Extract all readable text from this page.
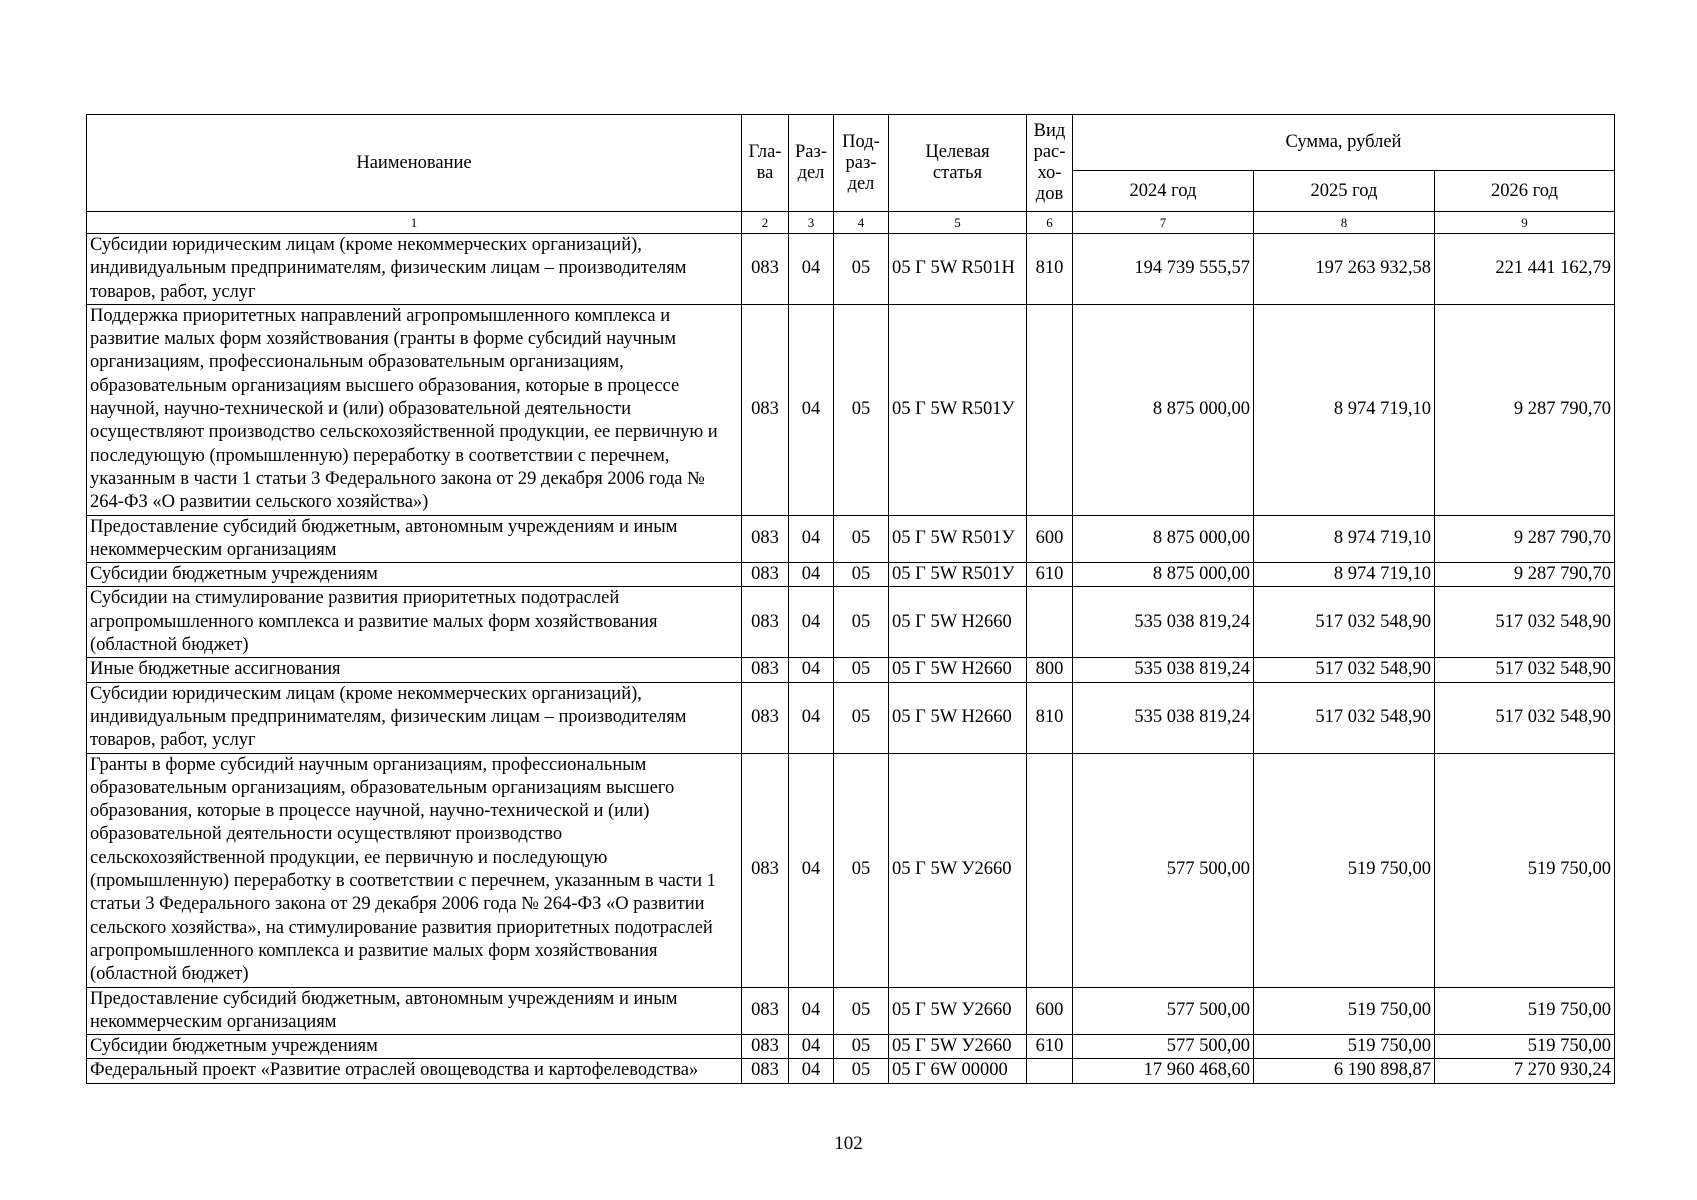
Наименование	Гла-ва	Раз-дел	Под-раз-дел	Целевая статья	Вид рас-хо-дов	Сумма, рублей		
						2024 год	2025 год	2026 год
1	2	3	4	5	6	7	8	9
Субсидии юридическим лицам (кроме некоммерческих организаций), индивидуальным предпринимателям, физическим лицам – производителям товаров, работ, услуг	083	04	05	05 Г 5W R501Н	810	194 739 555,57	197 263 932,58	221 441 162,79
Поддержка приоритетных направлений агропромышленного комплекса и развитие малых форм хозяйствования (гранты в форме субсидий научным организациям, профессиональным образовательным организациям, образовательным организациям высшего образования, которые в процессе научной, научно-технической и (или) образовательной деятельности осуществляют производство сельскохозяйственной продукции, ее первичную и последующую (промышленную) переработку в соответствии с перечнем, указанным в части 1 статьи 3 Федерального закона от 29 декабря 2006 года № 264-ФЗ «О развитии сельского хозяйства»)	083	04	05	05 Г 5W R501У		8 875 000,00	8 974 719,10	9 287 790,70
Предоставление субсидий бюджетным, автономным учреждениям и иным некоммерческим организациям	083	04	05	05 Г 5W R501У	600	8 875 000,00	8 974 719,10	9 287 790,70
Субсидии бюджетным учреждениям	083	04	05	05 Г 5W R501У	610	8 875 000,00	8 974 719,10	9 287 790,70
Субсидии на стимулирование развития приоритетных подотраслей агропромышленного комплекса и развитие малых форм хозяйствования (областной бюджет)	083	04	05	05 Г 5W Н2660		535 038 819,24	517 032 548,90	517 032 548,90
Иные бюджетные ассигнования	083	04	05	05 Г 5W Н2660	800	535 038 819,24	517 032 548,90	517 032 548,90
Субсидии юридическим лицам (кроме некоммерческих организаций), индивидуальным предпринимателям, физическим лицам – производителям товаров, работ, услуг	083	04	05	05 Г 5W Н2660	810	535 038 819,24	517 032 548,90	517 032 548,90
Гранты в форме субсидий научным организациям, профессиональным образовательным организациям, образовательным организациям высшего образования, которые в процессе научной, научно-технической и (или) образовательной деятельности осуществляют производство сельскохозяйственной продукции, ее первичную и последующую (промышленную) переработку в соответствии с перечнем, указанным в части 1 статьи 3 Федерального закона от 29 декабря 2006 года № 264-ФЗ «О развитии сельского хозяйства», на стимулирование развития приоритетных подотраслей агропромышленного комплекса и развитие малых форм хозяйствования (областной бюджет)	083	04	05	05 Г 5W У2660		577 500,00	519 750,00	519 750,00
Предоставление субсидий бюджетным, автономным учреждениям и иным некоммерческим организациям	083	04	05	05 Г 5W У2660	600	577 500,00	519 750,00	519 750,00
Субсидии бюджетным учреждениям	083	04	05	05 Г 5W У2660	610	577 500,00	519 750,00	519 750,00
Федеральный проект «Развитие отраслей овощеводства и картофелеводства»	083	04	05	05 Г 6W 00000		17 960 468,60	6 190 898,87	7 270 930,24
102
